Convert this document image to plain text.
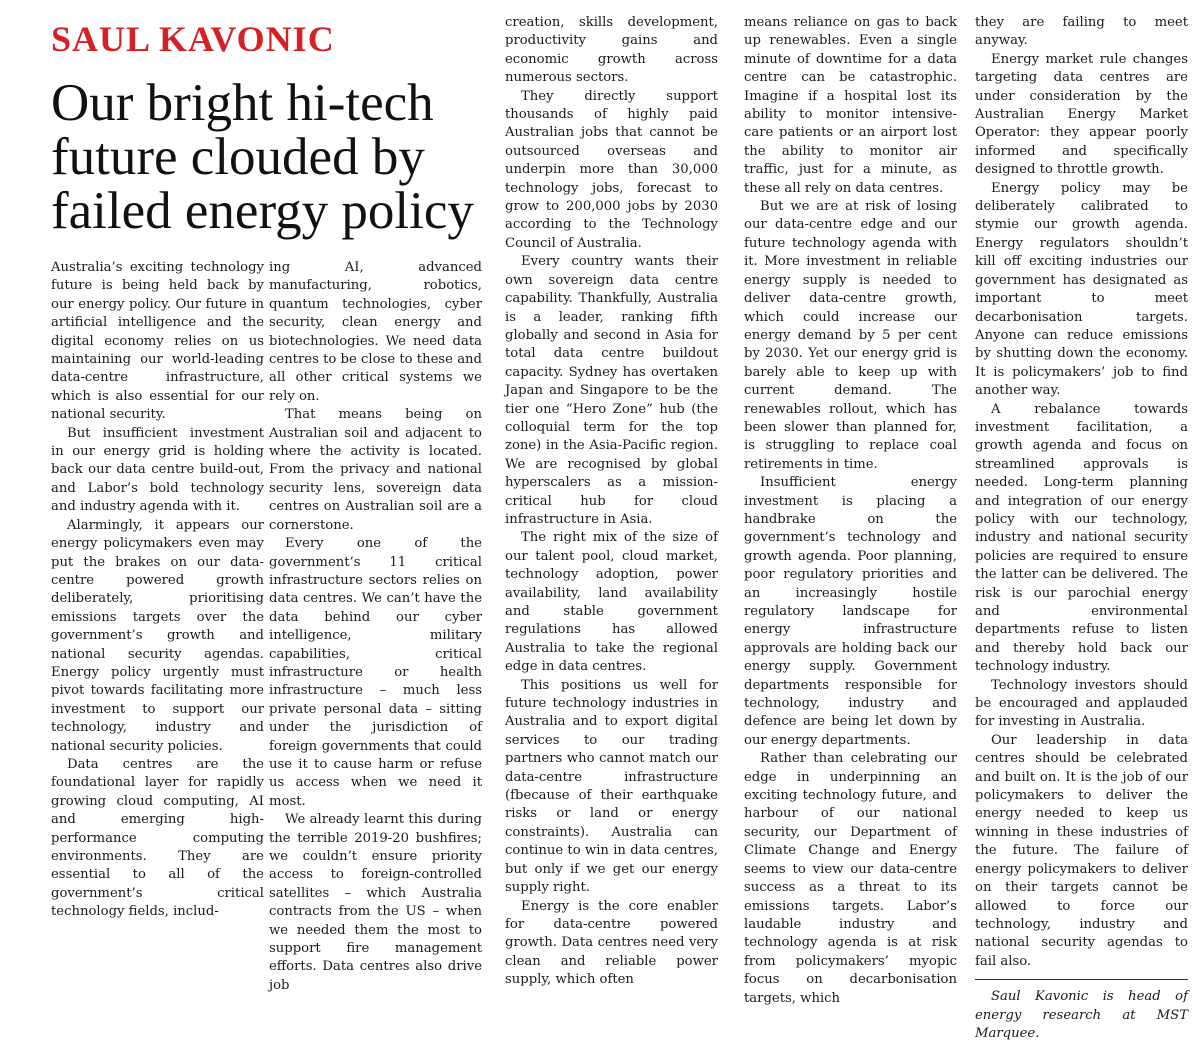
SAUL KAVONIC
Our bright hi-tech future clouded by failed energy policy

Australia’s exciting technology future is being held back by our energy policy. Our future in artificial intelligence and the digital economy relies on us maintaining our world-leading data-centre infrastructure, which is also essential for our national security.

But insufficient investment in our energy grid is holding back our data centre build-out, and Labor’s bold technology and industry agenda with it.

Alarmingly, it appears our energy policymakers even may put the brakes on our data-centre powered growth deliberately, prioritising emissions targets over the government’s growth and national security agendas. Energy policy urgently must pivot towards facilitating more investment to support our technology, industry and national security policies.

Data centres are the foundational layer for rapidly growing cloud computing, AI and emerging high-performance computing environments. They are essential to all of the government’s critical technology fields, includ-

ing AI, advanced manufacturing, robotics, quantum technologies, cyber security, clean energy and biotechnologies. We need data centres to be close to these and all other critical systems we rely on.

That means being on Australian soil and adjacent to where the activity is located. From the privacy and national security lens, sovereign data centres on Australian soil are a cornerstone.

Every one of the government’s 11 critical infrastructure sectors relies on data centres. We can’t have the data behind our cyber intelligence, military capabilities, critical infrastructure or health infrastructure – much less private personal data – sitting under the jurisdiction of foreign governments that could use it to cause harm or refuse us access when we need it most.

We already learnt this during the terrible 2019-20 bushfires; we couldn’t ensure priority access to foreign-controlled satellites – which Australia contracts from the US – when we needed them the most to support fire management efforts. Data centres also drive job

creation, skills development, productivity gains and economic growth across numerous sectors.

They directly support thousands of highly paid Australian jobs that cannot be outsourced overseas and underpin more than 30,000 technology jobs, forecast to grow to 200,000 jobs by 2030 according to the Technology Council of Australia.

Every country wants their own sovereign data centre capability. Thankfully, Australia is a leader, ranking fifth globally and second in Asia for total data centre buildout capacity. Sydney has overtaken Japan and Singapore to be the tier one “Hero Zone” hub (the colloquial term for the top zone) in the Asia-Pacific region. We are recognised by global hyperscalers as a mission-critical hub for cloud infrastructure in Asia.

The right mix of the size of our talent pool, cloud market, technology adoption, power availability, land availability and stable government regulations has allowed Australia to take the regional edge in data centres.

This positions us well for future technology industries in Australia and to export digital services to our trading partners who cannot match our data-centre infrastructure (fbecause of their earthquake risks or land or energy constraints). Australia can continue to win in data centres, but only if we get our energy supply right.

Energy is the core enabler for data-centre powered growth. Data centres need very clean and reliable power supply, which often

means reliance on gas to back up renewables. Even a single minute of downtime for a data centre can be catastrophic. Imagine if a hospital lost its ability to monitor intensive-care patients or an airport lost the ability to monitor air traffic, just for a minute, as these all rely on data centres.

But we are at risk of losing our data-centre edge and our future technology agenda with it. More investment in reliable energy supply is needed to deliver data-centre growth, which could increase our energy demand by 5 per cent by 2030. Yet our energy grid is barely able to keep up with current demand. The renewables rollout, which has been slower than planned for, is struggling to replace coal retirements in time.

Insufficient energy investment is placing a handbrake on the government’s technology and growth agenda. Poor planning, poor regulatory priorities and an increasingly hostile regulatory landscape for energy infrastructure approvals are holding back our energy supply. Government departments responsible for technology, industry and defence are being let down by our energy departments.

Rather than celebrating our edge in underpinning an exciting technology future, and harbour of our national security, our Department of Climate Change and Energy seems to view our data-centre success as a threat to its emissions targets. Labor’s laudable industry and technology agenda is at risk from policymakers’ myopic focus on decarbonisation targets, which

they are failing to meet anyway.

Energy market rule changes targeting data centres are under consideration by the Australian Energy Market Operator: they appear poorly informed and specifically designed to throttle growth.

Energy policy may be deliberately calibrated to stymie our growth agenda. Energy regulators shouldn’t kill off exciting industries our government has designated as important to meet decarbonisation targets. Anyone can reduce emissions by shutting down the economy. It is policymakers’ job to find another way.

A rebalance towards investment facilitation, a growth agenda and focus on streamlined approvals is needed. Long-term planning and integration of our energy policy with our technology, industry and national security policies are required to ensure the latter can be delivered. The risk is our parochial energy and environmental departments refuse to listen and thereby hold back our technology industry.

Technology investors should be encouraged and applauded for investing in Australia.

Our leadership in data centres should be celebrated and built on. It is the job of our policymakers to deliver the energy needed to keep us winning in these industries of the future. The failure of energy policymakers to deliver on their targets cannot be allowed to force our technology, industry and national security agendas to fail also.

Saul Kavonic is head of energy research at MST Marquee.
